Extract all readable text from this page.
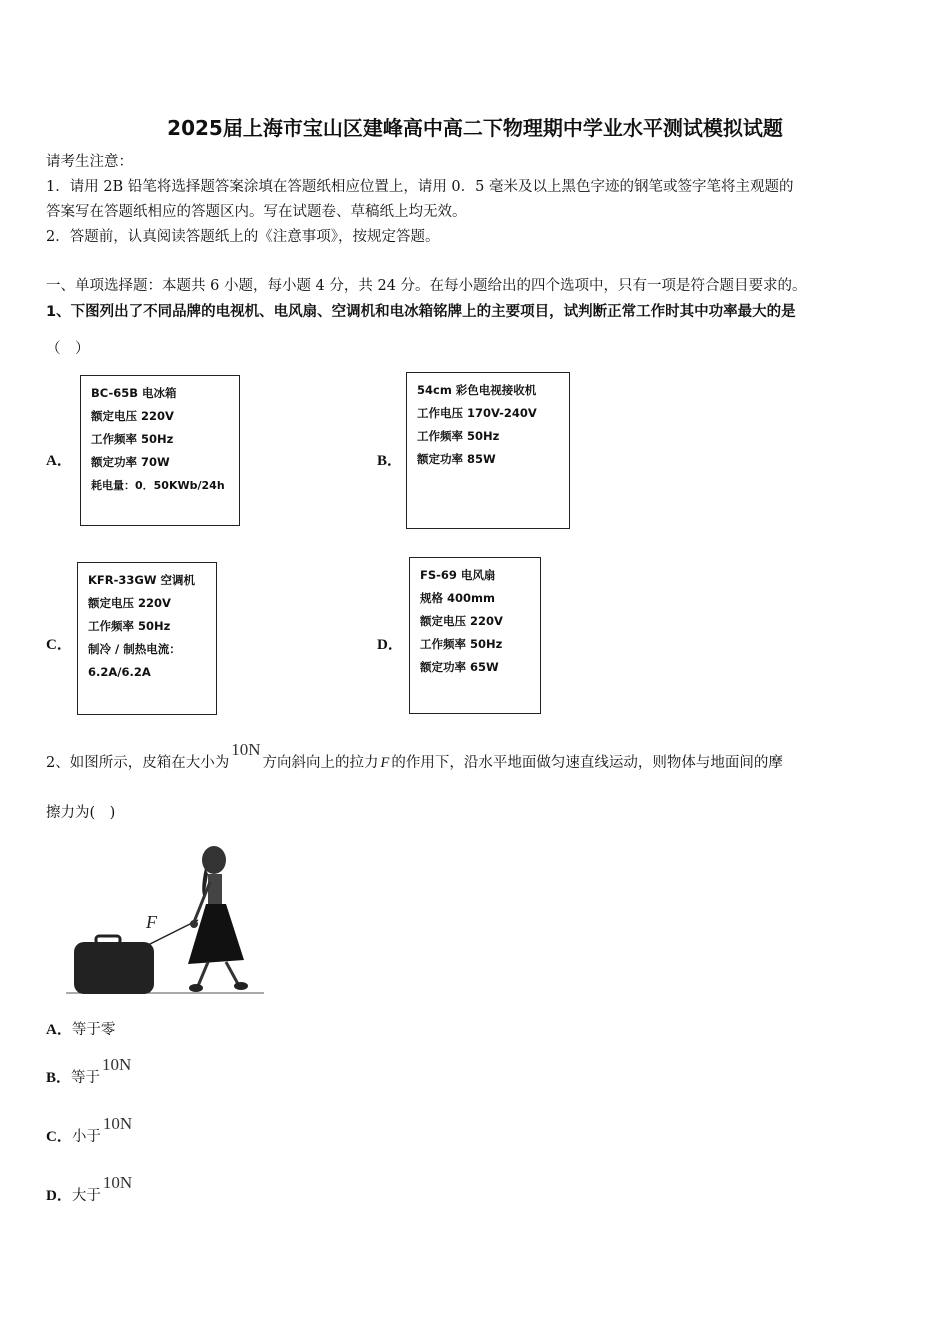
2025届上海市宝山区建峰高中高二下物理期中学业水平测试模拟试题
请考生注意：
1．请用 2B 铅笔将选择题答案涂填在答题纸相应位置上，请用 0．5 毫米及以上黑色字迹的钢笔或签字笔将主观题的
答案写在答题纸相应的答题区内。写在试题卷、草稿纸上均无效。
2．答题前，认真阅读答题纸上的《注意事项》，按规定答题。
一、单项选择题：本题共 6 小题，每小题 4 分，共 24 分。在每小题给出的四个选项中，只有一项是符合题目要求的。
1、下图列出了不同品牌的电视机、电风扇、空调机和电冰箱铭牌上的主要项目，试判断正常工作时其中功率最大的是
（　）
A．
BC-65B 电冰箱
额定电压 220V
工作频率 50Hz
额定功率 70W
耗电量：0．50KWb/24h
B．
54cm 彩色电视接收机
工作电压 170V-240V
工作频率 50Hz
额定功率 85W
C．
KFR-33GW 空调机
额定电压 220V
工作频率 50Hz
制冷 / 制热电流：
6.2A/6.2A
D．
FS-69 电风扇
规格 400mm
额定电压 220V
工作频率 50Hz
额定功率 65W
2、如图所示，皮箱在大小为10N方向斜向上的拉力 F 的作用下，沿水平地面做匀速直线运动，则物体与地面间的摩
擦力为(　)
F
A．等于零
B．等于10N
C．小于10N
D．大于10N
